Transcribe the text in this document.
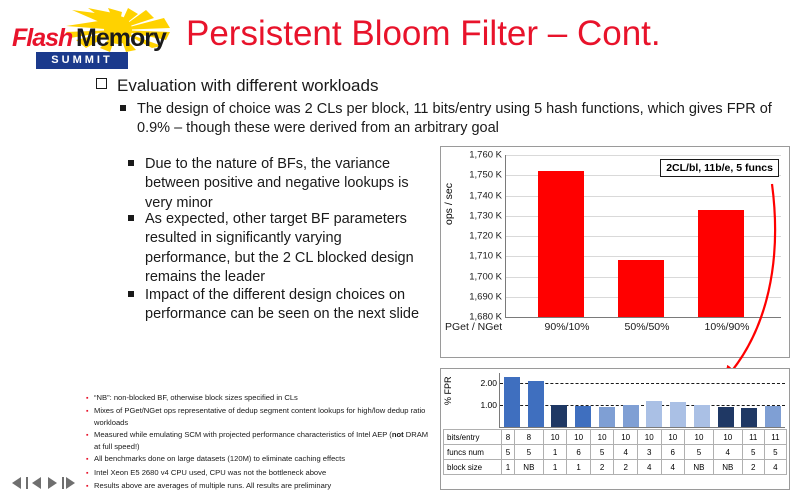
Flash Memory
SUMMIT
Persistent Bloom Filter – Cont.
Evaluation with different workloads
The design of choice was 2 CLs per block, 11 bits/entry using 5 hash functions, which gives FPR of 0.9% – though these were derived from an arbitrary goal
Due to the nature of BFs, the variance between positive and negative lookups is very minor
As expected, other target BF parameters resulted in significantly varying performance, but the 2 CL blocked design remains the leader
Impact of the different design choices on performance can be seen on the next slide
▪ “NB”: non-blocked BF, otherwise block sizes specified in CLs
▪ Mixes of PGet/NGet ops representative of dedup segment content lookups for high/low dedup ratio workloads
▪ Measured while emulating SCM with projected performance characteristics of Intel AEP (not DRAM at full speed!)
▪ All benchmarks done on large datasets (120M) to eliminate caching effects
▪ Intel Xeon E5 2680 v4 CPU used, CPU was not the bottleneck above
▪ Results above are averages of multiple runs. All results are preliminary
ops / sec
PGet / NGet
1,680 K
1,690 K
1,700 K
1,710 K
1,720 K
1,730 K
1,740 K
1,750 K
1,760 K
90%/10%	50%/50%	10%/90%
2CL/bl, 11b/e, 5 funcs
% FPR	2.00
1.00
bits/entry	8	8	10	10	10	10	10	10	10	10	11	11
funcs num	5	5	1	6	5	4	3	6	5	4	5	5
block size	1	NB	1	1	2	2	4	4	NB	NB	2	4
